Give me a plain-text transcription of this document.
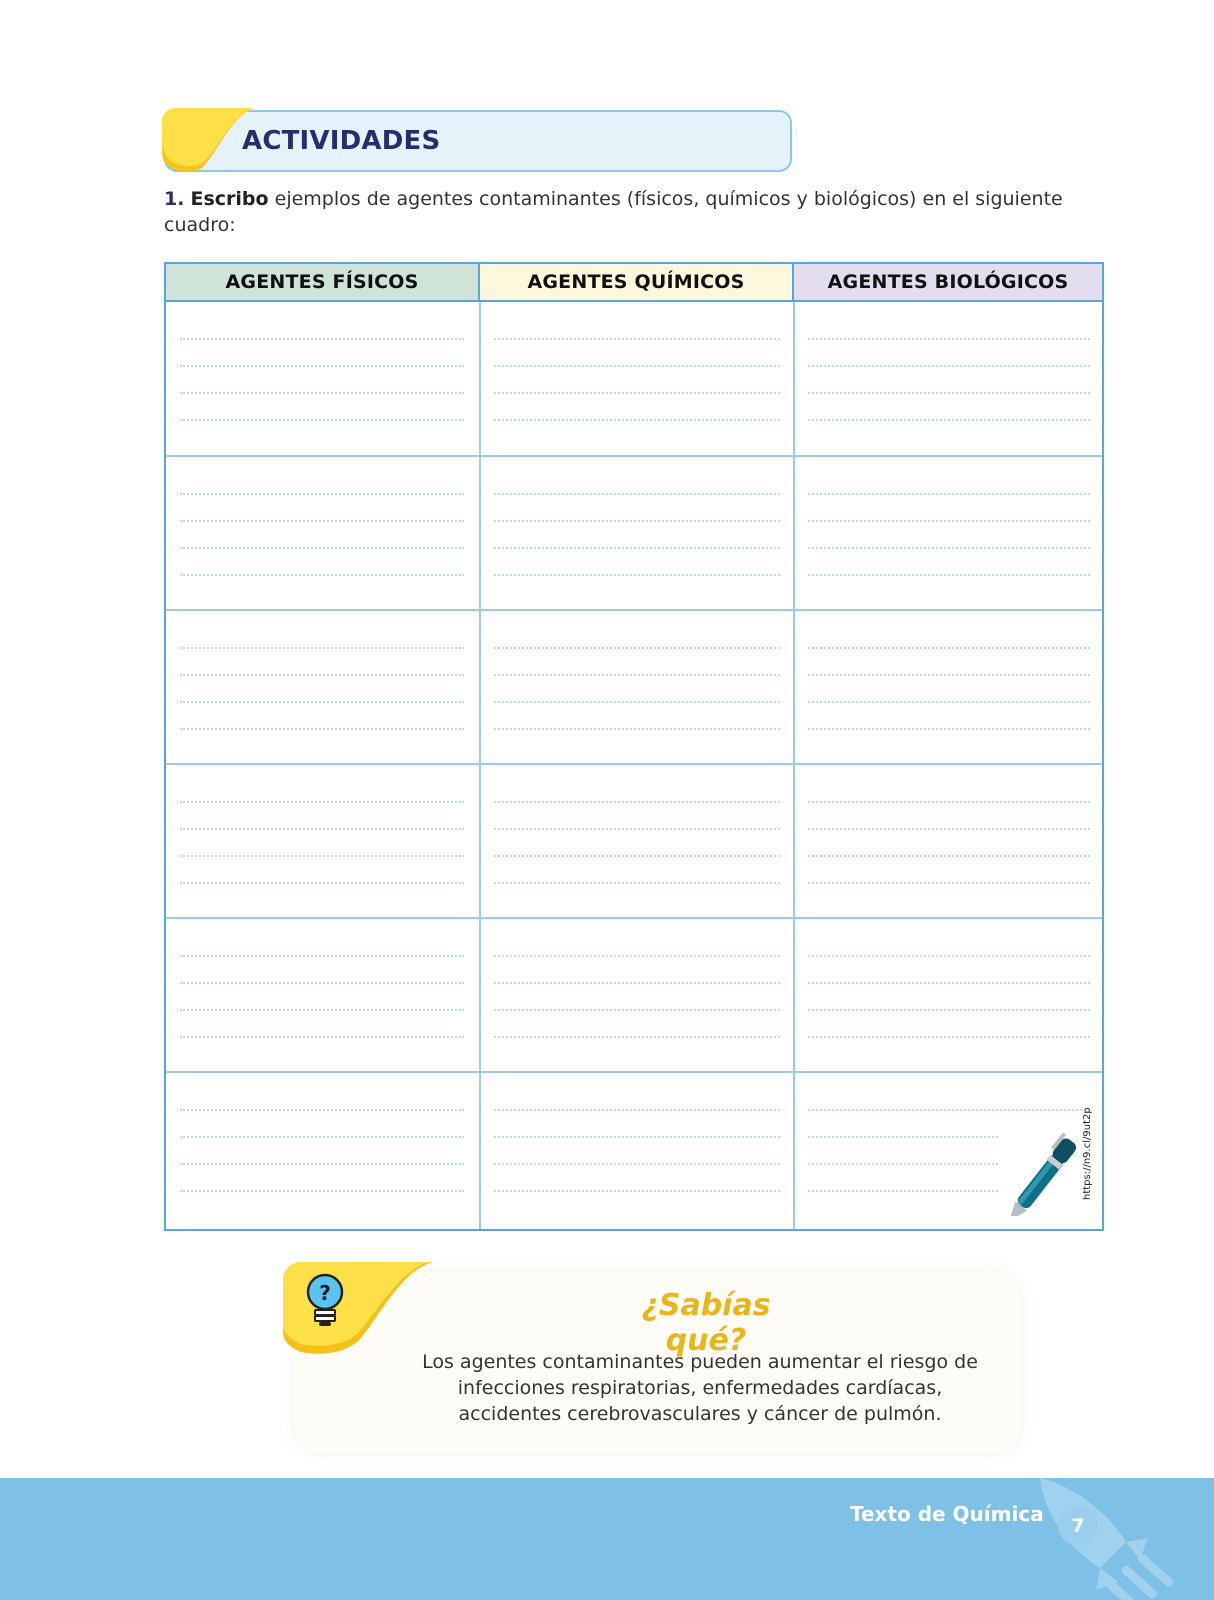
ACTIVIDADES
1. Escribo ejemplos de agentes contaminantes (físicos, químicos y biológicos) en el siguiente cuadro:
AGENTES FÍSICOS	AGENTES QUÍMICOS	AGENTES BIOLÓGICOS
https://n9.cl/9ut2p
?	¿Sabías qué?
Los agentes contaminantes pueden aumentar el riesgo de infecciones respiratorias, enfermedades cardíacas, accidentes cerebrovasculares y cáncer de pulmón.
Texto de Química	7
